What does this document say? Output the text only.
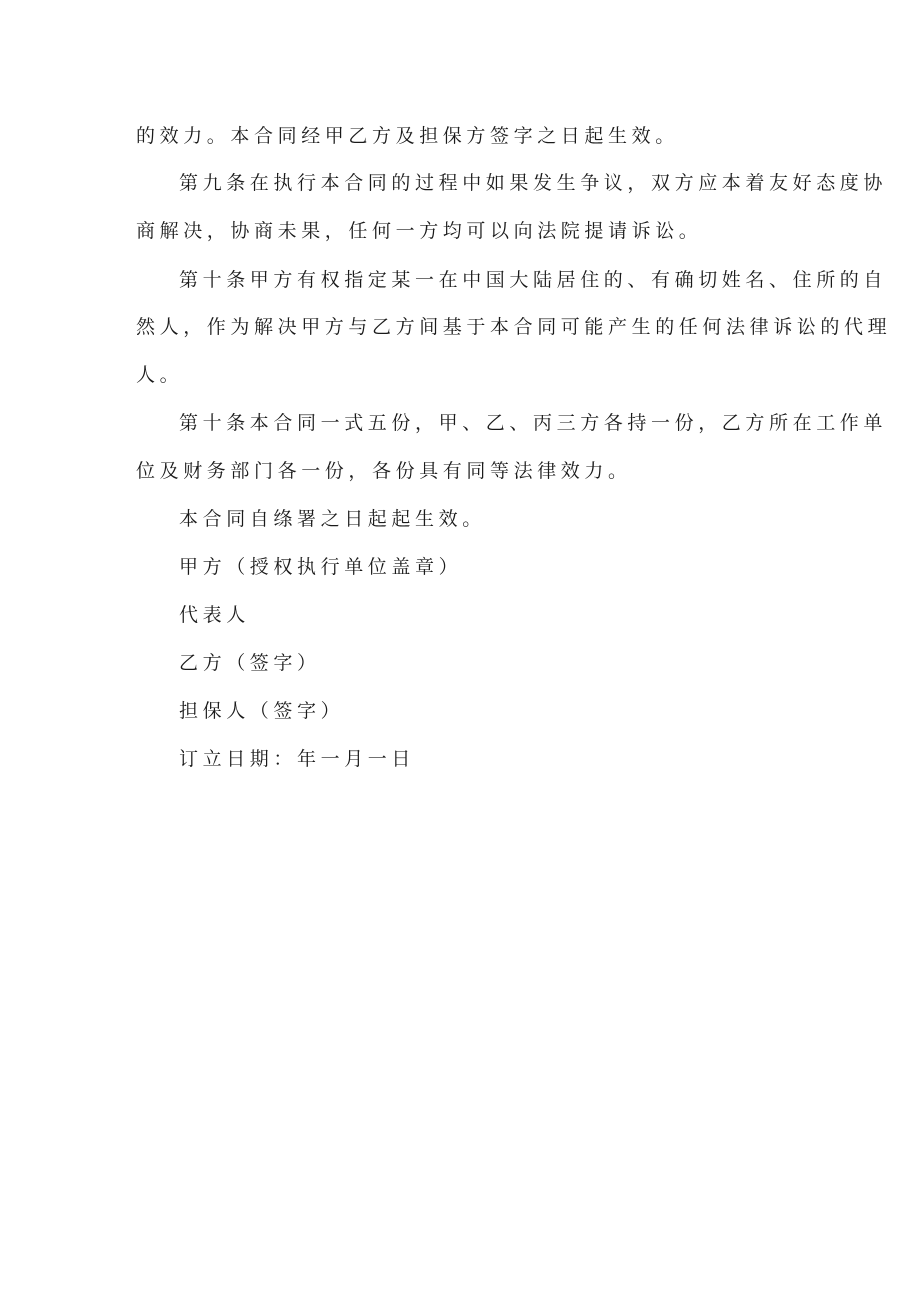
的效力。本合同经甲乙方及担保方签字之日起生效。

第九条在执行本合同的过程中如果发生争议，双方应本着友好态度协

商解决，协商未果，任何一方均可以向法院提请诉讼。

第十条甲方有权指定某一在中国大陆居住的、有确切姓名、住所的自

然人，作为解决甲方与乙方间基于本合同可能产生的任何法律诉讼的代理

人。

第十条本合同一式五份，甲、乙、丙三方各持一份，乙方所在工作单

位及财务部门各一份，各份具有同等法律效力。

本合同自绦署之日起起生效。

甲方（授权执行单位盖章）

代表人

乙方（签字）

担保人（签字）

订立日期：年一月一日
